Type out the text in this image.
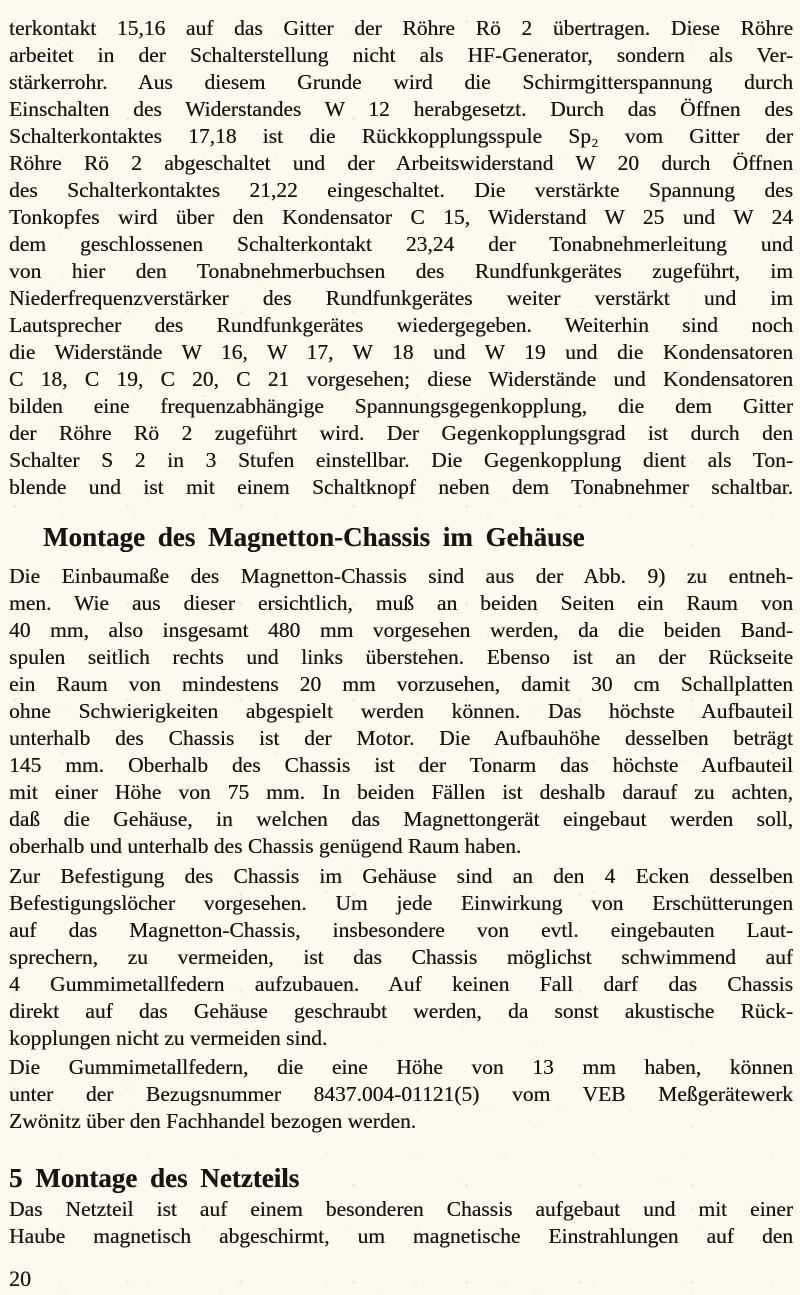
terkontakt 15,16 auf das Gitter der Röhre Rö 2 übertragen. Diese Röhre
arbeitet in der Schalterstellung nicht als HF-Generator, sondern als Ver-
stärkerrohr. Aus diesem Grunde wird die Schirmgitterspannung durch
Einschalten des Widerstandes W 12 herabgesetzt. Durch das Öffnen des
Schalterkontaktes 17,18 ist die Rückkopplungsspule Sp₂ vom Gitter der
Röhre Rö 2 abgeschaltet und der Arbeitswiderstand W 20 durch Öffnen
des Schalterkontaktes 21,22 eingeschaltet. Die verstärkte Spannung des
Tonkopfes wird über den Kondensator C 15, Widerstand W 25 und W 24
dem geschlossenen Schalterkontakt 23,24 der Tonabnehmerleitung und
von hier den Tonabnehmerbuchsen des Rundfunkgerätes zugeführt, im
Niederfrequenzverstärker des Rundfunkgerätes weiter verstärkt und im
Lautsprecher des Rundfunkgerätes wiedergegeben. Weiterhin sind noch
die Widerstände W 16, W 17, W 18 und W 19 und die Kondensatoren
C 18, C 19, C 20, C 21 vorgesehen; diese Widerstände und Kondensatoren
bilden eine frequenzabhängige Spannungsgegenkopplung, die dem Gitter
der Röhre Rö 2 zugeführt wird. Der Gegenkopplungsgrad ist durch den
Schalter S 2 in 3 Stufen einstellbar. Die Gegenkopplung dient als Ton-
blende und ist mit einem Schaltknopf neben dem Tonabnehmer schaltbar.
Montage des Magnetton-Chassis im Gehäuse
Die Einbaumaße des Magnetton-Chassis sind aus der Abb. 9) zu entneh-
men. Wie aus dieser ersichtlich, muß an beiden Seiten ein Raum von
40 mm, also insgesamt 480 mm vorgesehen werden, da die beiden Band-
spulen seitlich rechts und links überstehen. Ebenso ist an der Rückseite
ein Raum von mindestens 20 mm vorzusehen, damit 30 cm Schallplatten
ohne Schwierigkeiten abgespielt werden können. Das höchste Aufbauteil
unterhalb des Chassis ist der Motor. Die Aufbauhöhe desselben beträgt
145 mm. Oberhalb des Chassis ist der Tonarm das höchste Aufbauteil
mit einer Höhe von 75 mm. In beiden Fällen ist deshalb darauf zu achten,
daß die Gehäuse, in welchen das Magnettongerät eingebaut werden soll,
oberhalb und unterhalb des Chassis genügend Raum haben.
Zur Befestigung des Chassis im Gehäuse sind an den 4 Ecken desselben
Befestigungslöcher vorgesehen. Um jede Einwirkung von Erschütterungen
auf das Magnetton-Chassis, insbesondere von evtl. eingebauten Laut-
sprechern, zu vermeiden, ist das Chassis möglichst schwimmend auf
4 Gummimetallfedern aufzubauen. Auf keinen Fall darf das Chassis
direkt auf das Gehäuse geschraubt werden, da sonst akustische Rück-
kopplungen nicht zu vermeiden sind.
Die Gummimetallfedern, die eine Höhe von 13 mm haben, können
unter der Bezugsnummer 8437.004-01121(5) vom VEB Meßgerätewerk
Zwönitz über den Fachhandel bezogen werden.
5 Montage des Netzteils
Das Netzteil ist auf einem besonderen Chassis aufgebaut und mit einer
Haube magnetisch abgeschirmt, um magnetische Einstrahlungen auf den
20
